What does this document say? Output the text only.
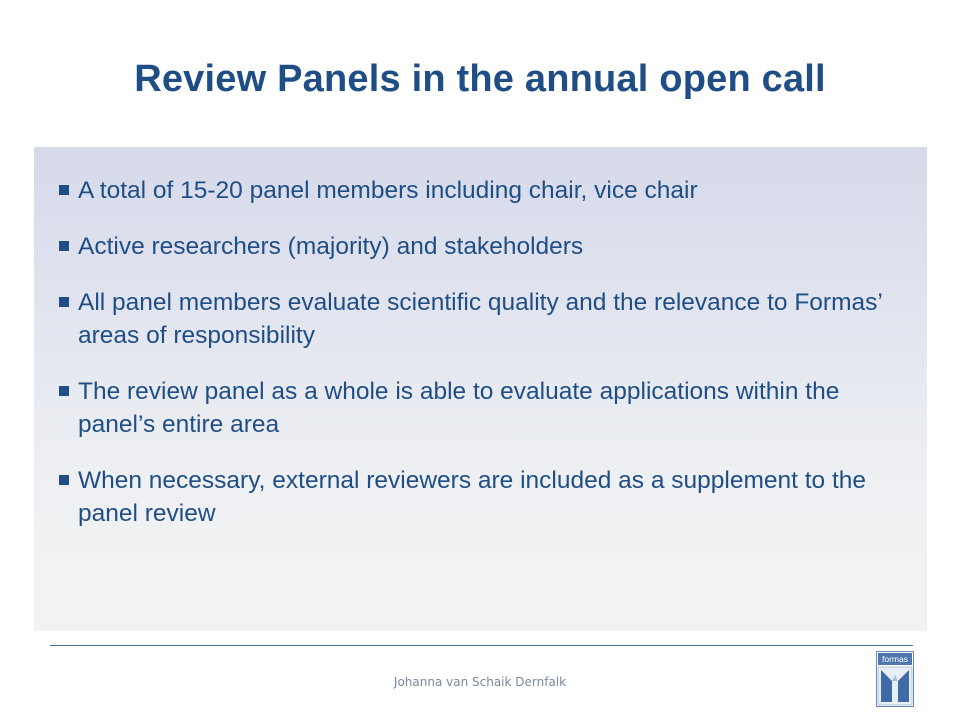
Review Panels in the annual open call
A total of 15-20 panel members including chair, vice chair
Active researchers (majority) and stakeholders
All panel members evaluate scientific quality and the relevance to Formas’ areas of responsibility
The review panel as a whole is able to evaluate applications within the panel’s entire area
When necessary, external reviewers are included as a supplement to the panel review
Johanna van Schaik Dernfalk
formas
